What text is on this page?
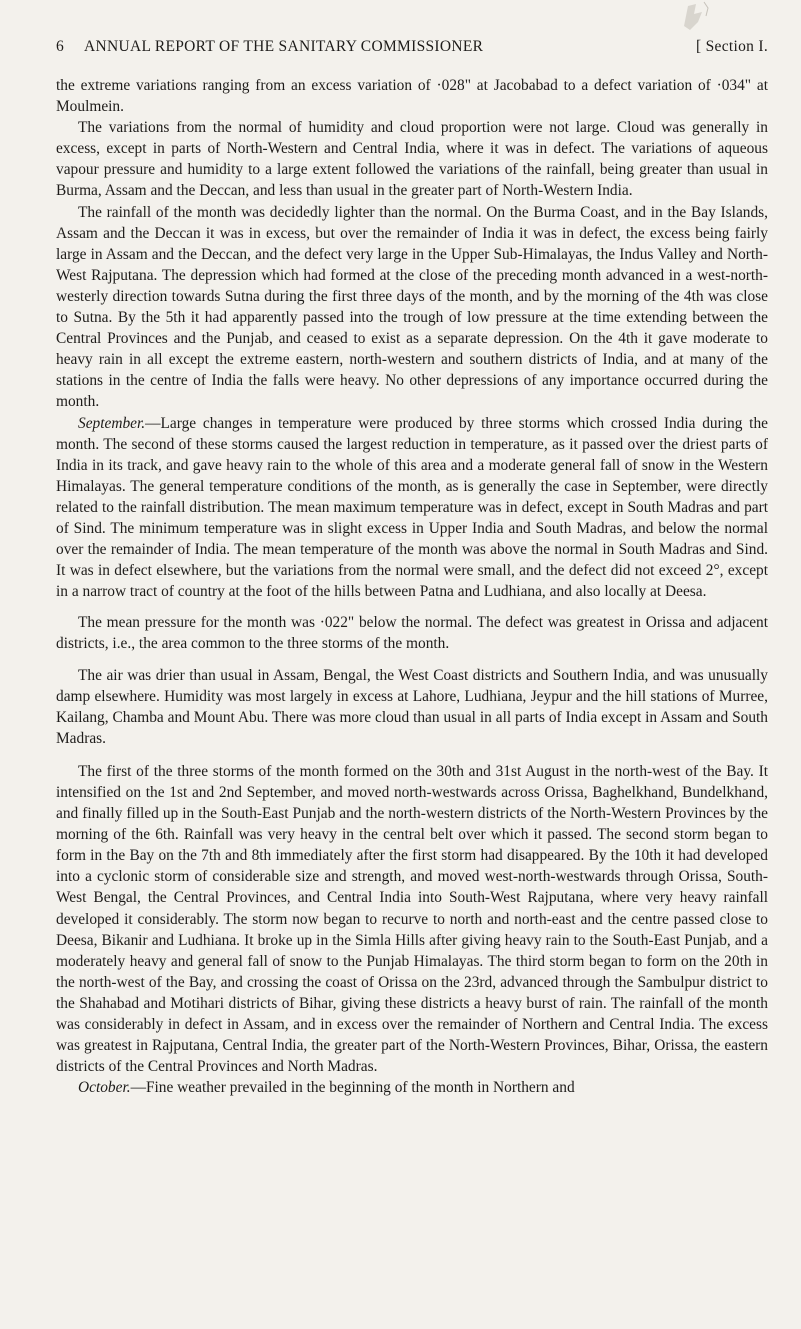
6 ANNUAL REPORT OF THE SANITARY COMMISSIONER	[ Section I.

the extreme variations ranging from an excess variation of ·028" at Jacobabad to a defect variation of ·034" at Moulmein.

The variations from the normal of humidity and cloud proportion were not large. Cloud was generally in excess, except in parts of North-Western and Central India, where it was in defect. The variations of aqueous vapour pressure and humidity to a large extent followed the variations of the rainfall, being greater than usual in Burma, Assam and the Deccan, and less than usual in the greater part of North-Western India.

The rainfall of the month was decidedly lighter than the normal. On the Burma Coast, and in the Bay Islands, Assam and the Deccan it was in excess, but over the remainder of India it was in defect, the excess being fairly large in Assam and the Deccan, and the defect very large in the Upper Sub-Himalayas, the Indus Valley and North-West Rajputana. The depression which had formed at the close of the preceding month advanced in a west-north-westerly direction towards Sutna during the first three days of the month, and by the morning of the 4th was close to Sutna. By the 5th it had apparently passed into the trough of low pressure at the time extending between the Central Provinces and the Punjab, and ceased to exist as a separate depression. On the 4th it gave moderate to heavy rain in all except the extreme eastern, north-western and southern districts of India, and at many of the stations in the centre of India the falls were heavy. No other depressions of any importance occurred during the month.

September.—Large changes in temperature were produced by three storms which crossed India during the month. The second of these storms caused the largest reduction in temperature, as it passed over the driest parts of India in its track, and gave heavy rain to the whole of this area and a moderate general fall of snow in the Western Himalayas. The general temperature conditions of the month, as is generally the case in September, were directly related to the rainfall distribution. The mean maximum temperature was in defect, except in South Madras and part of Sind. The minimum temperature was in slight excess in Upper India and South Madras, and below the normal over the remainder of India. The mean temperature of the month was above the normal in South Madras and Sind. It was in defect elsewhere, but the variations from the normal were small, and the defect did not exceed 2°, except in a narrow tract of country at the foot of the hills between Patna and Ludhiana, and also locally at Deesa.

The mean pressure for the month was ·022" below the normal. The defect was greatest in Orissa and adjacent districts, i.e., the area common to the three storms of the month.

The air was drier than usual in Assam, Bengal, the West Coast districts and Southern India, and was unusually damp elsewhere. Humidity was most largely in excess at Lahore, Ludhiana, Jeypur and the hill stations of Murree, Kailang, Chamba and Mount Abu. There was more cloud than usual in all parts of India except in Assam and South Madras.

The first of the three storms of the month formed on the 30th and 31st August in the north-west of the Bay. It intensified on the 1st and 2nd September, and moved north-westwards across Orissa, Baghelkhand, Bundelkhand, and finally filled up in the South-East Punjab and the north-western districts of the North-Western Provinces by the morning of the 6th. Rainfall was very heavy in the central belt over which it passed. The second storm began to form in the Bay on the 7th and 8th immediately after the first storm had disappeared. By the 10th it had developed into a cyclonic storm of considerable size and strength, and moved west-north-westwards through Orissa, South-West Bengal, the Central Provinces, and Central India into South-West Rajputana, where very heavy rainfall developed it considerably. The storm now began to recurve to north and north-east and the centre passed close to Deesa, Bikanir and Ludhiana. It broke up in the Simla Hills after giving heavy rain to the South-East Punjab, and a moderately heavy and general fall of snow to the Punjab Himalayas. The third storm began to form on the 20th in the north-west of the Bay, and crossing the coast of Orissa on the 23rd, advanced through the Sambulpur district to the Shahabad and Motihari districts of Bihar, giving these districts a heavy burst of rain. The rainfall of the month was considerably in defect in Assam, and in excess over the remainder of Northern and Central India. The excess was greatest in Rajputana, Central India, the greater part of the North-Western Provinces, Bihar, Orissa, the eastern districts of the Central Provinces and North Madras.

October.—Fine weather prevailed in the beginning of the month in Northern and
